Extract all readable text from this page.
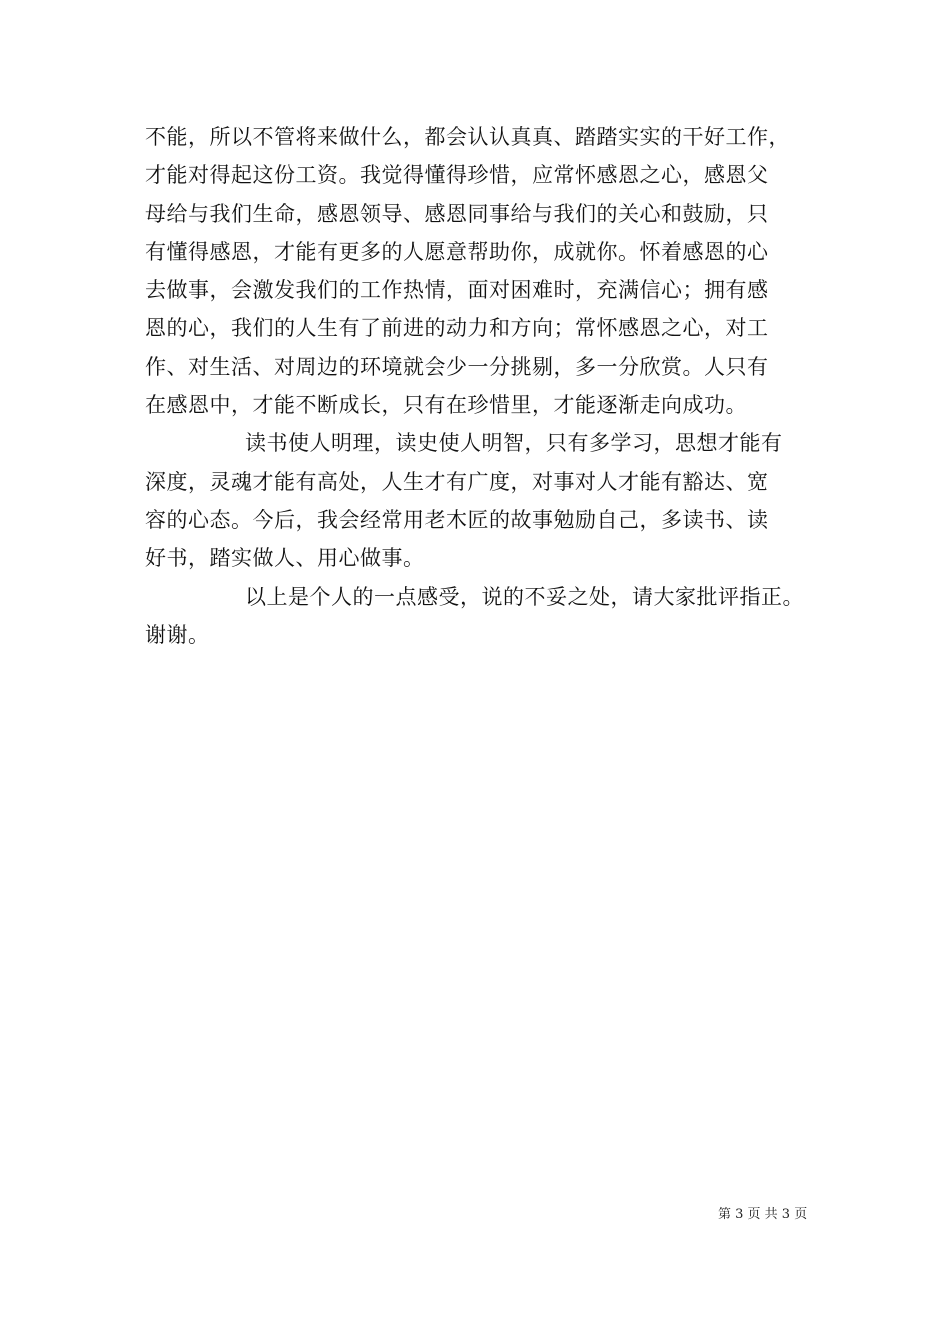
不能，所以不管将来做什么，都会认认真真、踏踏实实的干好工作，
才能对得起这份工资。我觉得懂得珍惜，应常怀感恩之心，感恩父
母给与我们生命，感恩领导、感恩同事给与我们的关心和鼓励，只
有懂得感恩，才能有更多的人愿意帮助你，成就你。怀着感恩的心
去做事，会激发我们的工作热情，面对困难时，充满信心；拥有感
恩的心，我们的人生有了前进的动力和方向；常怀感恩之心，对工
作、对生活、对周边的环境就会少一分挑剔，多一分欣赏。人只有
在感恩中，才能不断成长，只有在珍惜里，才能逐渐走向成功。
读书使人明理，读史使人明智，只有多学习，思想才能有
深度，灵魂才能有高处，人生才有广度，对事对人才能有豁达、宽
容的心态。今后，我会经常用老木匠的故事勉励自己，多读书、读
好书，踏实做人、用心做事。
以上是个人的一点感受，说的不妥之处，请大家批评指正。
谢谢。
第 3 页 共 3 页
